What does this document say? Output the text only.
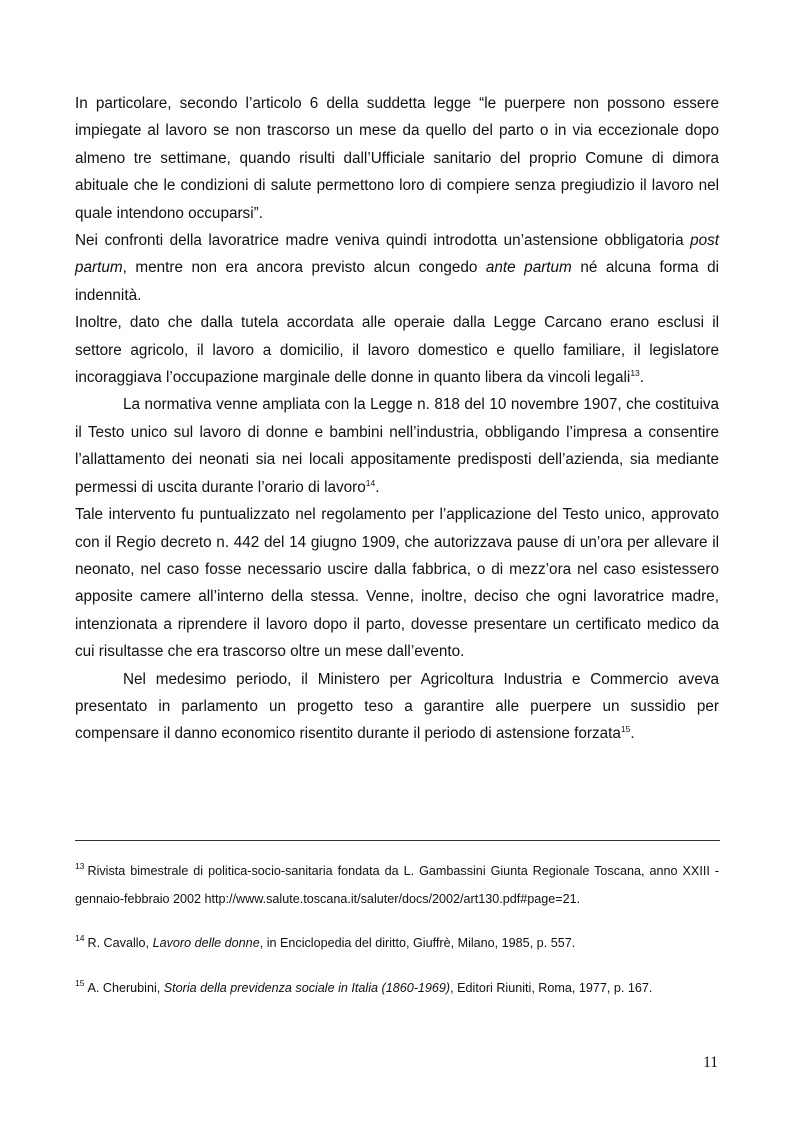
In particolare, secondo l’articolo 6 della suddetta legge “le puerpere non possono essere impiegate al lavoro se non trascorso un mese da quello del parto o in via eccezionale dopo almeno tre settimane, quando risulti dall’Ufficiale sanitario del proprio Comune di dimora abituale che le condizioni di salute permettono loro di compiere senza pregiudizio il lavoro nel quale intendono occuparsi”.

Nei confronti della lavoratrice madre veniva quindi introdotta un’astensione obbligatoria post partum, mentre non era ancora previsto alcun congedo ante partum né alcuna forma di indennità.

Inoltre, dato che dalla tutela accordata alle operaie dalla Legge Carcano erano esclusi il settore agricolo, il lavoro a domicilio, il lavoro domestico e quello familiare, il legislatore incoraggiava l’occupazione marginale delle donne in quanto libera da vincoli legali$^{13}$.

La normativa venne ampliata con la Legge n. 818 del 10 novembre 1907, che costituiva il Testo unico sul lavoro di donne e bambini nell’industria, obbligando l’impresa a consentire l’allattamento dei neonati sia nei locali appositamente predisposti dell’azienda, sia mediante permessi di uscita durante l’orario di lavoro$^{14}$.

Tale intervento fu puntualizzato nel regolamento per l’applicazione del Testo unico, approvato con il Regio decreto n. 442 del 14 giugno 1909, che autorizzava pause di un’ora per allevare il neonato, nel caso fosse necessario uscire dalla fabbrica, o di mezz’ora nel caso esistessero apposite camere all’interno della stessa. Venne, inoltre, deciso che ogni lavoratrice madre, intenzionata a riprendere il lavoro dopo il parto, dovesse presentare un certificato medico da cui risultasse che era trascorso oltre un mese dall’evento.

Nel medesimo periodo, il Ministero per Agricoltura Industria e Commercio aveva presentato in parlamento un progetto teso a garantire alle puerpere un sussidio per compensare il danno economico risentito durante il periodo di astensione forzata$^{15}$.

$^{13}$ Rivista bimestrale di politica-socio-sanitaria fondata da L. Gambassini Giunta Regionale Toscana, anno XXIII - gennaio-febbraio 2002 http://www.salute.toscana.it/saluter/docs/2002/art130.pdf#page=21.

$^{14}$ R. Cavallo, Lavoro delle donne, in Enciclopedia del diritto, Giuffrè, Milano, 1985, p. 557.

$^{15}$ A. Cherubini, Storia della previdenza sociale in Italia (1860-1969), Editori Riuniti, Roma, 1977, p. 167.

11
